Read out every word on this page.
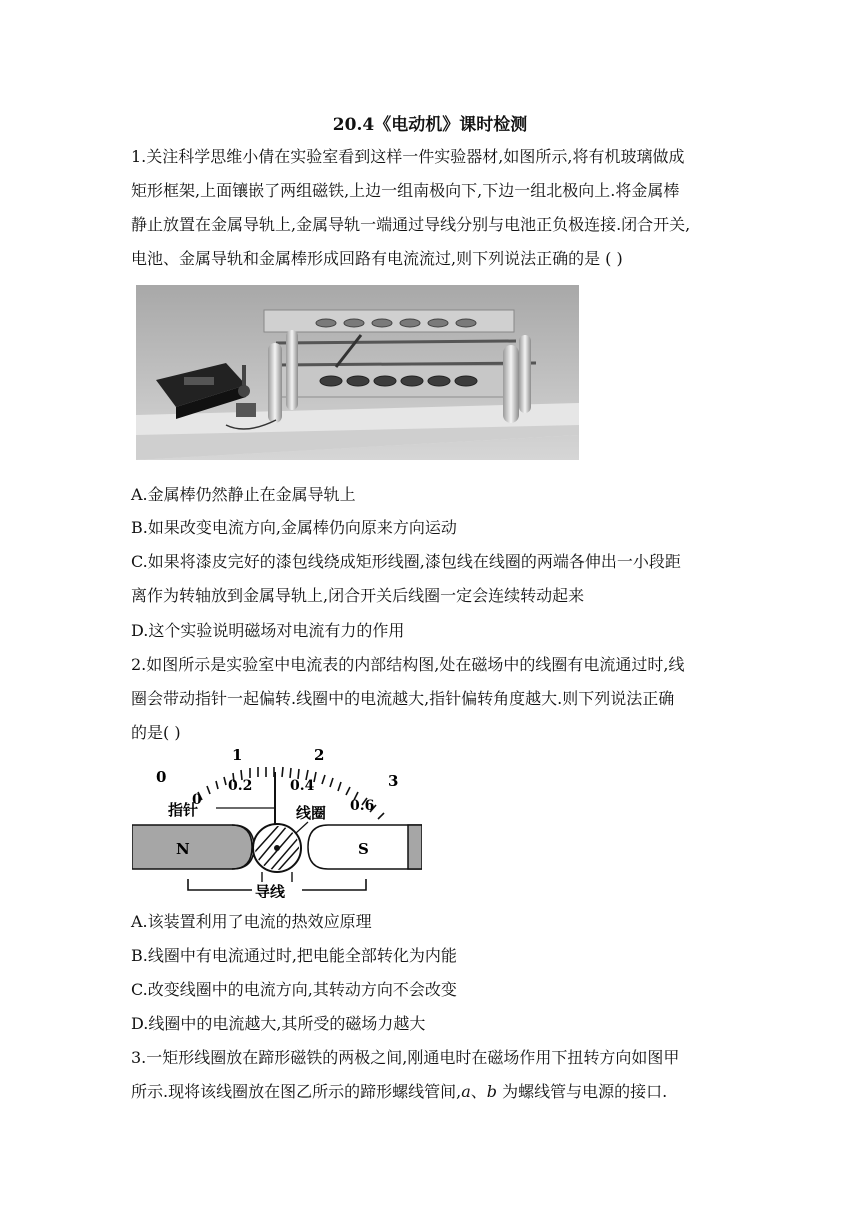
20.4《电动机》课时检测
1.关注科学思维小倩在实验室看到这样一件实验器材,如图所示,将有机玻璃做成
矩形框架,上面镶嵌了两组磁铁,上边一组南极向下,下边一组北极向上.将金属棒
静止放置在金属导轨上,金属导轨一端通过导线分别与电池正负极连接.闭合开关,
电池、金属导轨和金属棒形成回路有电流流过,则下列说法正确的是 ( )
A.金属棒仍然静止在金属导轨上
B.如果改变电流方向,金属棒仍向原来方向运动
C.如果将漆皮完好的漆包线绕成矩形线圈,漆包线在线圈的两端各伸出一小段距
离作为转轴放到金属导轨上,闭合开关后线圈一定会连续转动起来
D.这个实验说明磁场对电流有力的作用
2.如图所示是实验室中电流表的内部结构图,处在磁场中的线圈有电流通过时,线
圈会带动指针一起偏转.线圈中的电流越大,指针偏转角度越大.则下列说法正确
的是( )
0
1	2
3
0
0.2	0.4
0.6
指针	线圈
N	S
导线
A.该装置利用了电流的热效应原理
B.线圈中有电流通过时,把电能全部转化为内能
C.改变线圈中的电流方向,其转动方向不会改变
D.线圈中的电流越大,其所受的磁场力越大
3.一矩形线圈放在蹄形磁铁的两极之间,刚通电时在磁场作用下扭转方向如图甲
所示.现将该线圈放在图乙所示的蹄形螺线管间,a、b 为螺线管与电源的接口.
